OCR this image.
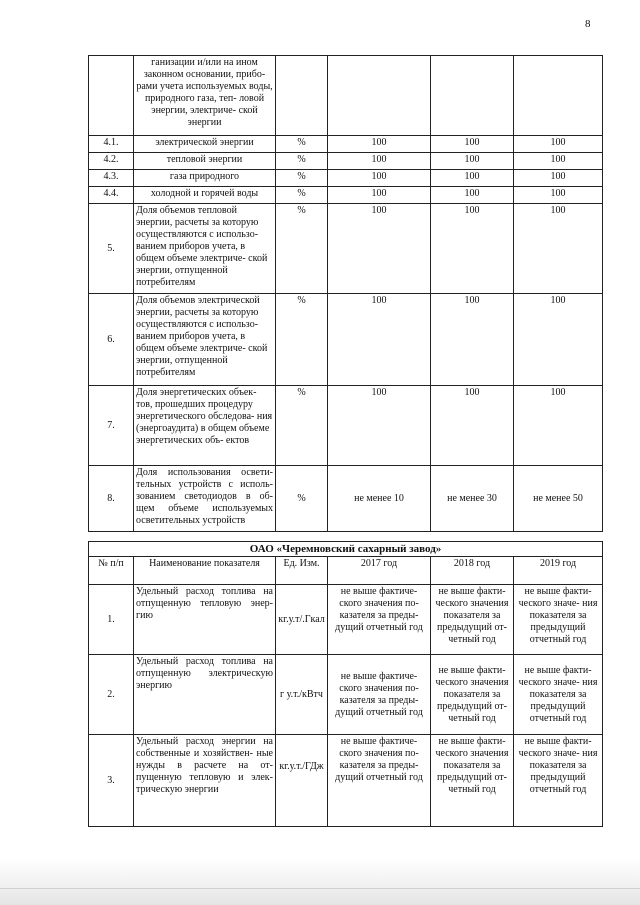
8
	ганизации и/или на ином законном основании, прибо- рами учета используемых воды, природного газа, теп- ловой энергии, электриче- ской энергии				
4.1.	электрической энергии	%	100	100	100
4.2.	тепловой энергии	%	100	100	100
4.3.	газа природного	%	100	100	100
4.4.	холодной и горячей воды	%	100	100	100
5.	Доля объемов тепловой энергии, расчеты за которую осуществляются с использо- ванием приборов учета, в общем объеме электриче- ской энергии, отпущенной потребителям	%	100	100	100
6.	Доля объемов электрической энергии, расчеты за которую осуществляются с использо- ванием приборов учета, в общем объеме электриче- ской энергии, отпущенной потребителям	%	100	100	100
7.	Доля энергетических объек- тов, прошедших процедуру энергетического обследова- ния (энергоаудита) в общем объеме энергетических объ- ектов	%	100	100	100
8.	Доля использования освети- тельных устройств с исполь- зованием светодиодов в об- щем объеме используемых осветительных устройств	%	не менее 10	не менее 30	не менее 50
ОАО «Черемновский сахарный завод»					
№ п/п	Наименование показателя	Ед. Изм.	2017 год	2018 год	2019 год
1.	Удельный расход топлива на отпущенную тепловую энер- гию	кг.у.т/.Гкал	не выше фактиче- ского значения по- казателя за преды- дущий отчетный год	не выше факти- ческого значения показателя за предыдущий от- четный год	не выше факти- ческого значе- ния показателя за предыдущий отчетный год
2.	Удельный расход топлива на отпущенную электрическую энергию	г у.т./кВтч	не выше фактиче- ского значения по- казателя за преды- дущий отчетный год	не выше факти- ческого значения показателя за предыдущий от- четный год	не выше факти- ческого значе- ния показателя за предыдущий отчетный год
3.	Удельный расход энергии на собственные и хозяйствен- ные нужды в расчете на от- пущенную тепловую и элек- трическую энергии	кг.у.т./ГДж	не выше фактиче- ского значения по- казателя за преды- дущий отчетный год	не выше факти- ческого значения показателя за предыдущий от- четный год	не выше факти- ческого значе- ния показателя за предыдущий отчетный год
